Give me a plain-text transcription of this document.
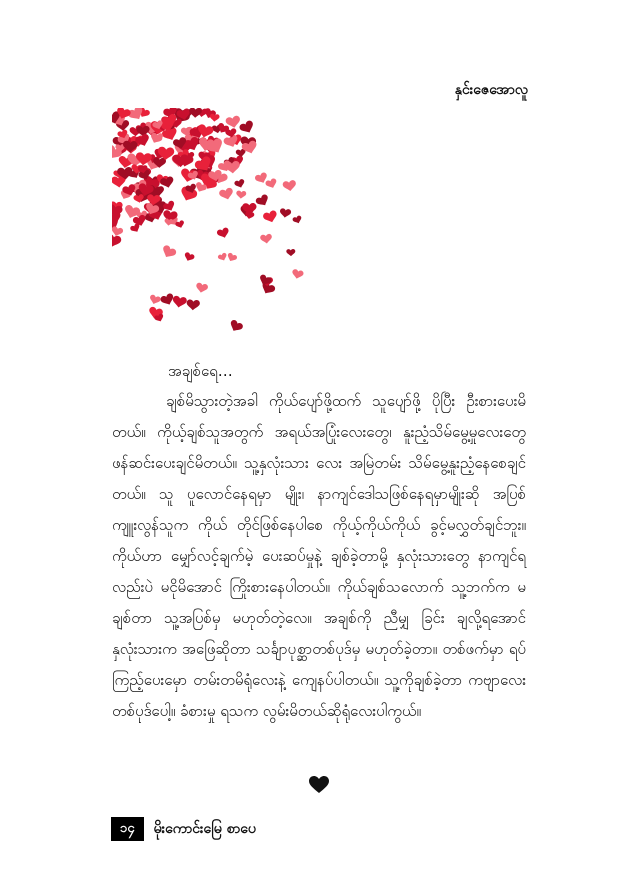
နှင်းဇေအောလူ
အချစ်ရေ…

ချစ်မိသွားတဲ့အခါ ကိုယ်ပျော်ဖို့ထက် သူပျော်ဖို့ ပိုပြီး ဦးစားပေးမိတယ်။ ကိုယ့်ချစ်သူအတွက် အရယ်အပြုံးလေးတွေ၊ နူးညံ့သိမ်မွေ့မှုလေးတွေ ဖန်ဆင်းပေးချင်မိတယ်။ သူ့နှလုံးသား လေး အမြဲတမ်း သိမ်မွေ့နူးညံ့နေစေချင်တယ်။ သူ ပူလောင်နေရမှာ မျိုး၊ နာကျင်ဒေါသဖြစ်နေရမှာမျိုးဆို အပြစ်ကျူးလွန်သူက ကိုယ် တိုင်ဖြစ်နေပါစေ ကိုယ့်ကိုယ်ကိုယ် ခွင့်မလွှတ်ချင်ဘူး။ ကိုယ်ဟာ မျှော်လင့်ချက်မဲ့ ပေးဆပ်မှုနဲ့ ချစ်ခဲ့တာမို့ နှလုံးသားတွေ နာကျင်ရ လည်းပဲ မငိုမိအောင် ကြိုးစားနေပါတယ်။ ကိုယ်ချစ်သလောက် သူ့ဘက်က မချစ်တာ သူ့အပြစ်မှ မဟုတ်တဲ့လေ။ အချစ်ကို ညီမျှ ခြင်း ချလို့ရအောင် နှလုံးသားက အဖြေဆိုတာ သင်္ချာပုစ္ဆာတစ်ပုဒ်မှ မဟုတ်ခဲ့တာ။ တစ်ဖက်မှာ ရပ်ကြည့်ပေးမှော တမ်းတမိရုံလေးနဲ့ ကျေနပ်ပါတယ်။ သူ့ကိုချစ်ခဲ့တာ ကဗျာလေးတစ်ပုဒ်ပေါ့။ ခံစားမှု ရသက လွမ်းမိတယ်ဆိုရုံလေးပါကွယ်။

၁၄	မိုးကောင်းမြေ စာပေ
